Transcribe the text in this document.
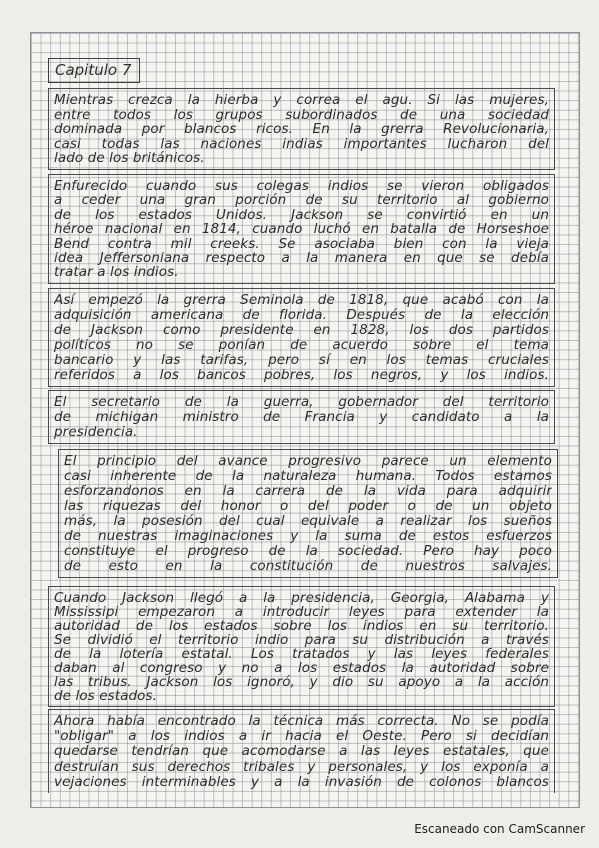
Capitulo 7
Mientras crezca la hierba y correa el agu. Si las mujeres,
entre todos los grupos subordinados de una sociedad
dominada por blancos ricos. En la grerra Revolucionaria,
casi todas las naciones indias importantes lucharon del
lado de los británicos.
Enfurecido cuando sus colegas indios se vieron obligados
a ceder una gran porción de su territorio al gobierno
de los estados Unidos. Jackson se convirtió en un
héroe nacional en 1814, cuando luchó en batalla de Horseshoe
Bend contra mil creeks. Se asociaba bien con la vieja
idea Jeffersoniana respecto a la manera en que se debía
tratar a los indios.
Así empezó la grerra Seminola de 1818, que acabó con la
adquisición americana de florida. Después de la elección
de Jackson como presidente en 1828, los dos partidos
políticos no se ponían de acuerdo sobre el tema
bancario y las tarifas, pero sí en los temas cruciales
referidos a los bancos pobres, los negros, y los indios.
El secretario de la guerra, gobernador del territorio
de michigan ministro de Francia y candidato a la
presidencia.
El principio del avance progresivo parece un elemento
casi inherente de la naturaleza humana. Todos estamos
esforzandonos en la carrera de la vida para adquirir
las riquezas del honor o del poder o de un objeto
más, la posesión del cual equivale a realizar los sueños
de nuestras imaginaciones y la suma de estos esfuerzos
constituye el progreso de la sociedad. Pero hay poco
de esto en la constitución de nuestros salvajes.
Cuando Jackson llegó a la presidencia, Georgia, Alabama y
Mississipi empezaron a introducir leyes para extender la
autoridad de los estados sobre los indios en su territorio.
Se dividió el territorio indio para su distribución a través
de la lotería estatal. Los tratados y las leyes federales
daban al congreso y no a los estados la autoridad sobre
las tribus. Jackson los ignoró, y dio su apoyo a la acción
de los estados.
Ahora había encontrado la técnica más correcta. No se podía
"obligar" a los indios a ir hacia el Oeste. Pero si decidían
quedarse tendrían que acomodarse a las leyes estatales, que
destruían sus derechos tribales y personales, y los exponía a
vejaciones interminables y a la invasión de colonos blancos
Escaneado con CamScanner
